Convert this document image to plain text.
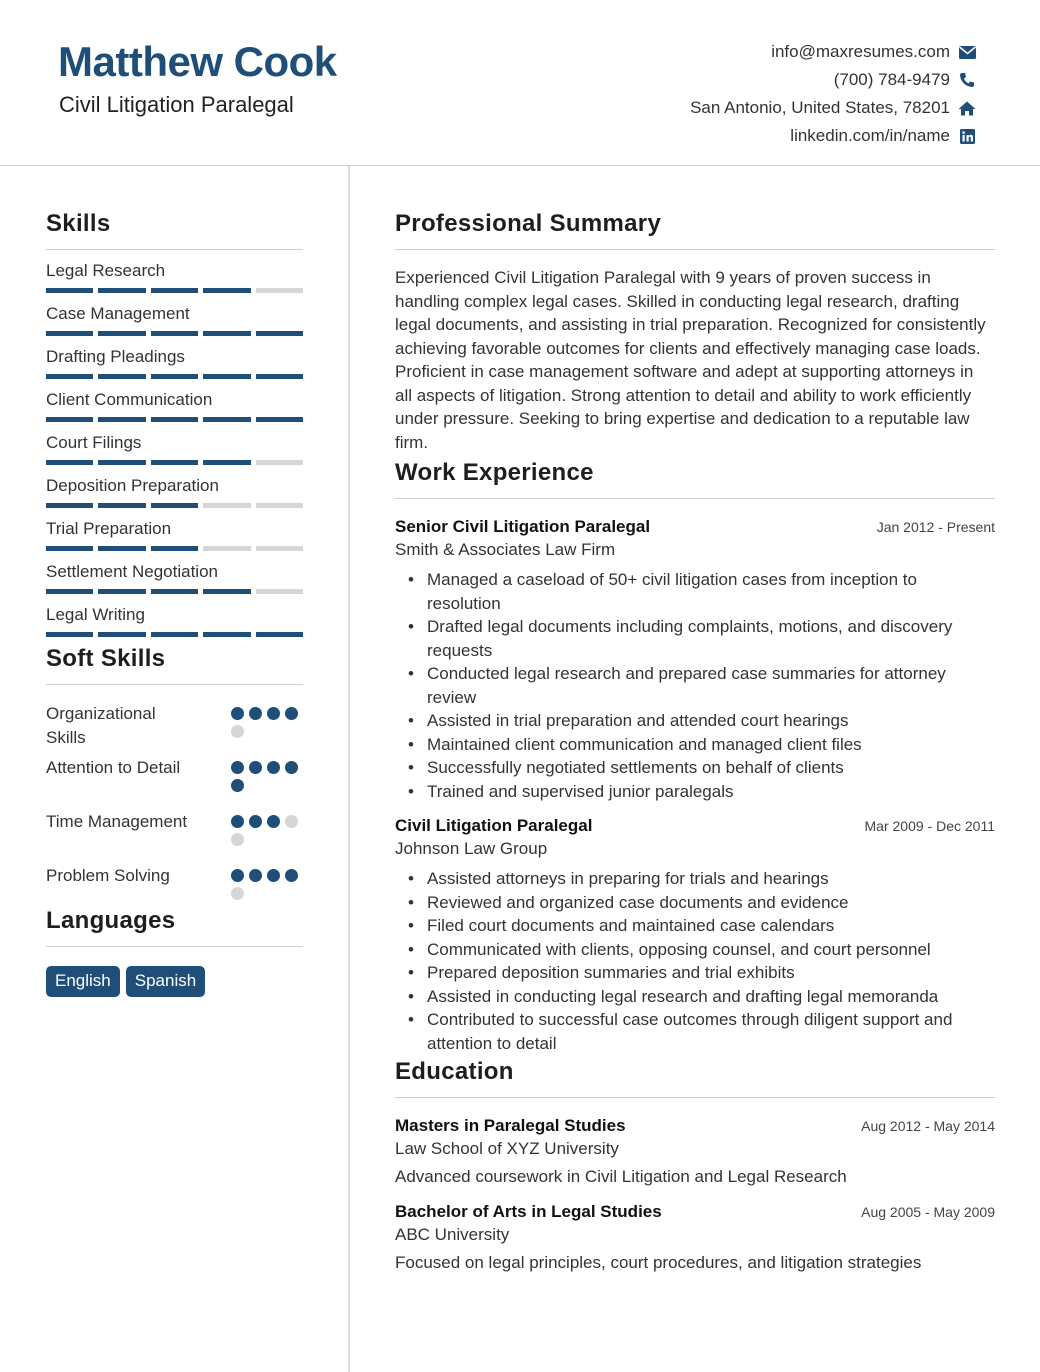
Matthew Cook
Civil Litigation Paralegal
info@maxresumes.com
(700) 784-9479
San Antonio, United States, 78201
linkedin.com/in/name
Skills
Legal Research
Case Management
Drafting Pleadings
Client Communication
Court Filings
Deposition Preparation
Trial Preparation
Settlement Negotiation
Legal Writing
Soft Skills
Organizational Skills
Attention to Detail
Time Management
Problem Solving
Languages
English	Spanish
Professional Summary

Experienced Civil Litigation Paralegal with 9 years of proven success in handling complex legal cases. Skilled in conducting legal research, drafting legal documents, and assisting in trial preparation. Recognized for consistently achieving favorable outcomes for clients and effectively managing case loads. Proficient in case management software and adept at supporting attorneys in all aspects of litigation. Strong attention to detail and ability to work efficiently under pressure. Seeking to bring expertise and dedication to a reputable law firm.

Work Experience
Senior Civil Litigation Paralegal	Jan 2012 - Present
Smith & Associates Law Firm
• Managed a caseload of 50+ civil litigation cases from inception to resolution
• Drafted legal documents including complaints, motions, and discovery requests
• Conducted legal research and prepared case summaries for attorney review
• Assisted in trial preparation and attended court hearings
• Maintained client communication and managed client files
• Successfully negotiated settlements on behalf of clients
• Trained and supervised junior paralegals
Civil Litigation Paralegal	Mar 2009 - Dec 2011
Johnson Law Group
• Assisted attorneys in preparing for trials and hearings
• Reviewed and organized case documents and evidence
• Filed court documents and maintained case calendars
• Communicated with clients, opposing counsel, and court personnel
• Prepared deposition summaries and trial exhibits
• Assisted in conducting legal research and drafting legal memoranda
• Contributed to successful case outcomes through diligent support and attention to detail
Education
Masters in Paralegal Studies	Aug 2012 - May 2014
Law School of XYZ University
Advanced coursework in Civil Litigation and Legal Research
Bachelor of Arts in Legal Studies	Aug 2005 - May 2009
ABC University
Focused on legal principles, court procedures, and litigation strategies
